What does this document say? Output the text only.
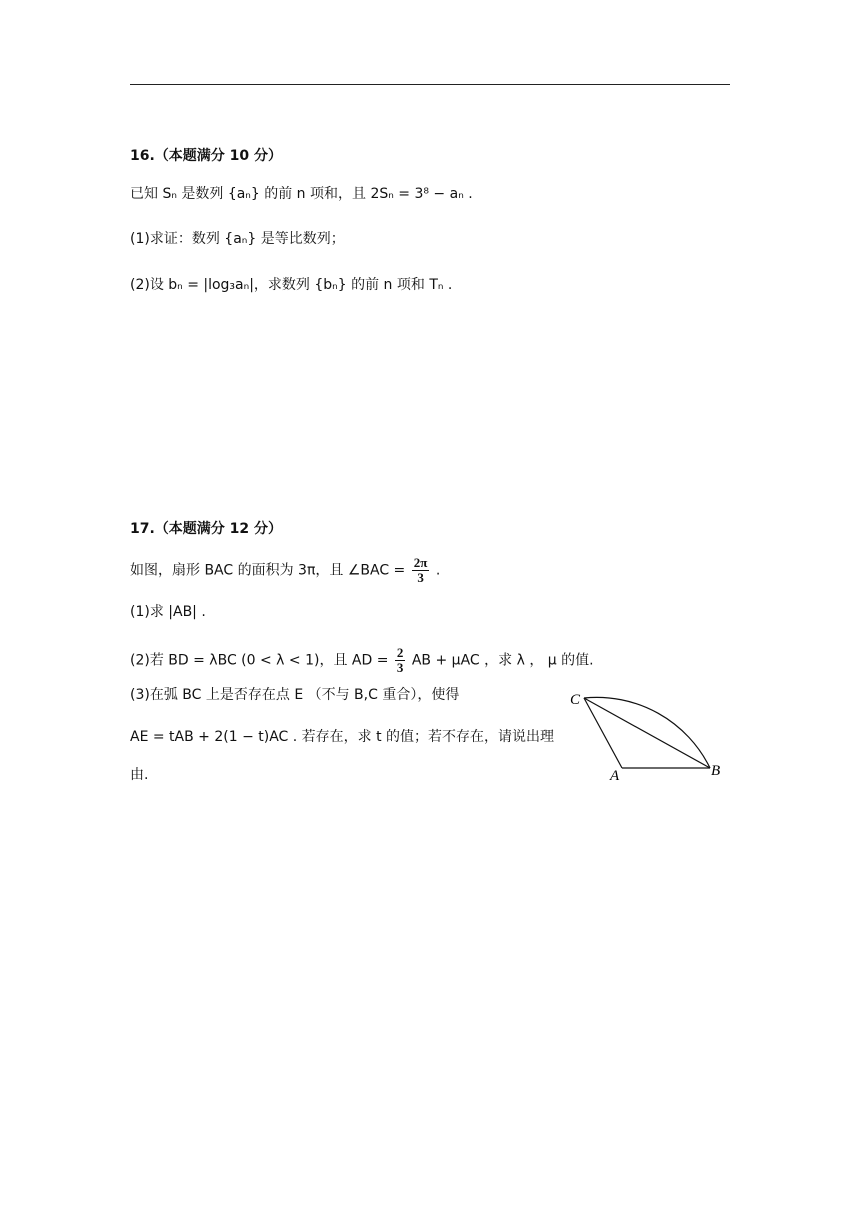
16.（本题满分 10 分）
已知 Sₙ 是数列 {aₙ} 的前 n 项和，且 2Sₙ = 3⁸ − aₙ .
(1)求证：数列 {aₙ} 是等比数列；
(2)设 bₙ = |log₃aₙ|，求数列 {bₙ} 的前 n 项和 Tₙ .
17.（本题满分 12 分）
如图，扇形 BAC 的面积为 3π，且 ∠BAC = $\frac{2\pi}{3}$ .
(1)求 |AB| .
(2)若 BD = λBC (0 < λ < 1)，且 AD = $\frac{2}{3}$ AB + μAC ，求 λ ， μ 的值.
(3)在弧 BC 上是否存在点 E （不与 B,C 重合），使得
AE = tAB + 2(1 − t)AC . 若存在，求 t 的值；若不存在，请说出理
由.
C
A	B
